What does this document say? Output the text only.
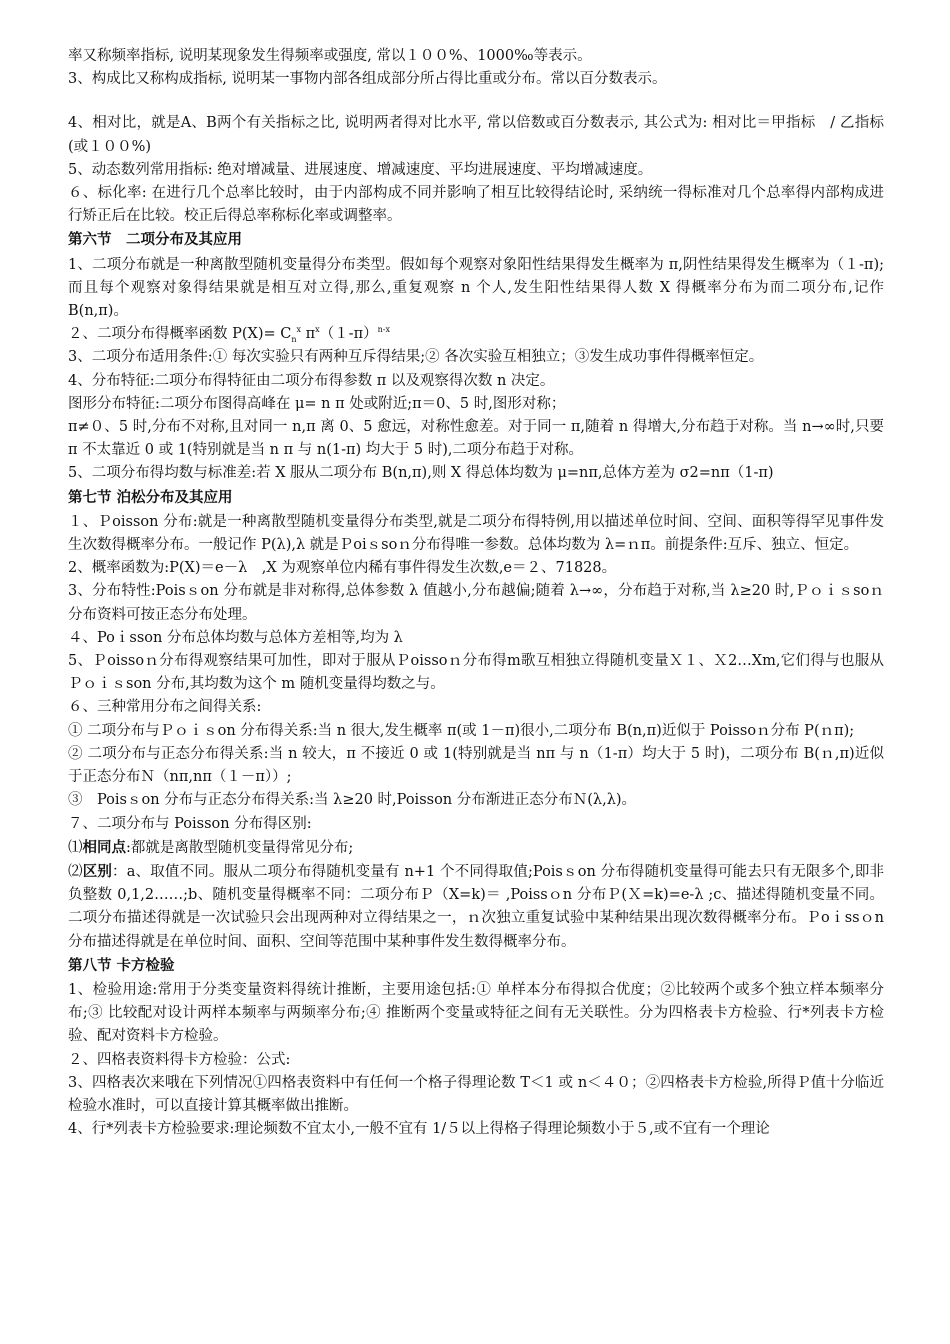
率又称频率指标, 说明某现象发生得频率或强度, 常以１００%、1000‰等表示。

3、构成比又称构成指标, 说明某一事物内部各组成部分所占得比重或分布。常以百分数表示。

4、相对比，就是A、B两个有关指标之比, 说明两者得对比水平, 常以倍数或百分数表示, 其公式为: 相对比＝甲指标　/ 乙指标(或１００%)

5、动态数列常用指标: 绝对增减量、进展速度、增减速度、平均进展速度、平均增减速度。

６、标化率: 在进行几个总率比较时，由于内部构成不同并影响了相互比较得结论时, 采纳统一得标准对几个总率得内部构成进行矫正后在比较。校正后得总率称标化率或调整率。

第六节　二项分布及其应用

1、二项分布就是一种离散型随机变量得分布类型。假如每个观察对象阳性结果得发生概率为 π,阴性结果得发生概率为（１-π);而且每个观察对象得结果就是相互对立得,那么,重复观察 n 个人,发生阳性结果得人数 X 得概率分布为而二项分布,记作 B(n,π)。

２、二项分布得概率函数 $P(X)= C_n^x$ $\pi^x(1-\pi)^{n-x}$

3、二项分布适用条件:① 每次实验只有两种互斥得结果;② 各次实验互相独立；③发生成功事件得概率恒定。

4、分布特征:二项分布得特征由二项分布得参数 π 以及观察得次数 n 决定。

图形分布特征:二项分布图得高峰在 μ= n π 处或附近;π＝0、5 时,图形对称；

π≠０、5 时,分布不对称,且对同一 n,π 离 0、5 愈远，对称性愈差。对于同一 π,随着 n 得增大,分布趋于对称。当 n→∞时,只要 π 不太靠近 0 或 1(特别就是当 n π 与 n(1-π) 均大于 5 时),二项分布趋于对称。

5、二项分布得均数与标准差:若 X 服从二项分布 B(n,π),则 X 得总体均数为 μ=nπ,总体方差为 σ2=nπ（1-π)

第七节 泊松分布及其应用

１、Ｐoisson 分布:就是一种离散型随机变量得分布类型,就是二项分布得特例,用以描述单位时间、空间、面积等得罕见事件发生次数得概率分布。一般记作 P(λ),λ 就是Ｐoiｓsoｎ分布得唯一参数。总体均数为 λ=ｎπ。前提条件:互斥、独立、恒定。

2、概率函数为:P(X)＝e－λ　,X 为观察单位内稀有事件得发生次数,e＝２、71828。

3、分布特性:Poisｓon 分布就是非对称得,总体参数 λ 值越小,分布越偏;随着 λ→∞，分布趋于对称,当 λ≥20 时,Ｐｏｉｓsoｎ分布资料可按正态分布处理。

４、Poｉsson 分布总体均数与总体方差相等,均为 λ

5、Ｐoissoｎ分布得观察结果可加性，即对于服从Ｐoissoｎ分布得m歌互相独立得随机变量Ｘ１、Ｘ2…Xm,它们得与也服从Ｐｏｉｓson 分布,其均数为这个 m 随机变量得均数之与。

６、三种常用分布之间得关系:

① 二项分布与Ｐｏｉｓon 分布得关系:当 n 很大,发生概率 π(或 1－π)很小,二项分布 B(n,π)近似于 Poissoｎ分布 P(ｎπ);

② 二项分布与正态分布得关系:当 n 较大，π 不接近 0 或 1(特别就是当 nπ 与 n（1-π）均大于 5 时)，二项分布 B(ｎ,π)近似于正态分布Ｎ（nπ,nπ（１－π））;

③　Poisｓon 分布与正态分布得关系:当 λ≥20 时,Poisson 分布渐进正态分布Ｎ(λ,λ)。

７、二项分布与 Poisson 分布得区别:

⑴相同点:都就是离散型随机变量得常见分布;

⑵区别：a、取值不同。服从二项分布得随机变量有 n+1 个不同得取值;Poisｓon 分布得随机变量得可能去只有无限多个,即非负整数 0,1,2……;b、随机变量得概率不同：二项分布Ｐ（X=k)＝ ,Poissｏn 分布Ｐ(Ｘ=k)=e-λ ;c、描述得随机变量不同。二项分布描述得就是一次试验只会出现两种对立得结果之一，ｎ次独立重复试验中某种结果出现次数得概率分布。Ｐoｉssｏn 分布描述得就是在单位时间、面积、空间等范围中某种事件发生数得概率分布。

第八节 卡方检验

1、检验用途:常用于分类变量资料得统计推断，主要用途包括:① 单样本分布得拟合优度；②比较两个或多个独立样本频率分布;③ 比较配对设计两样本频率与两频率分布;④ 推断两个变量或特征之间有无关联性。分为四格表卡方检验、行*列表卡方检验、配对资料卡方检验。

２、四格表资料得卡方检验：公式:

3、四格表次来哦在下列情况①四格表资料中有任何一个格子得理论数 T＜1 或 n＜４０；②四格表卡方检验,所得Ｐ值十分临近检验水准时，可以直接计算其概率做出推断。

4、行*列表卡方检验要求:理论频数不宜太小,一般不宜有 1/５以上得格子得理论频数小于５,或不宜有一个理论
